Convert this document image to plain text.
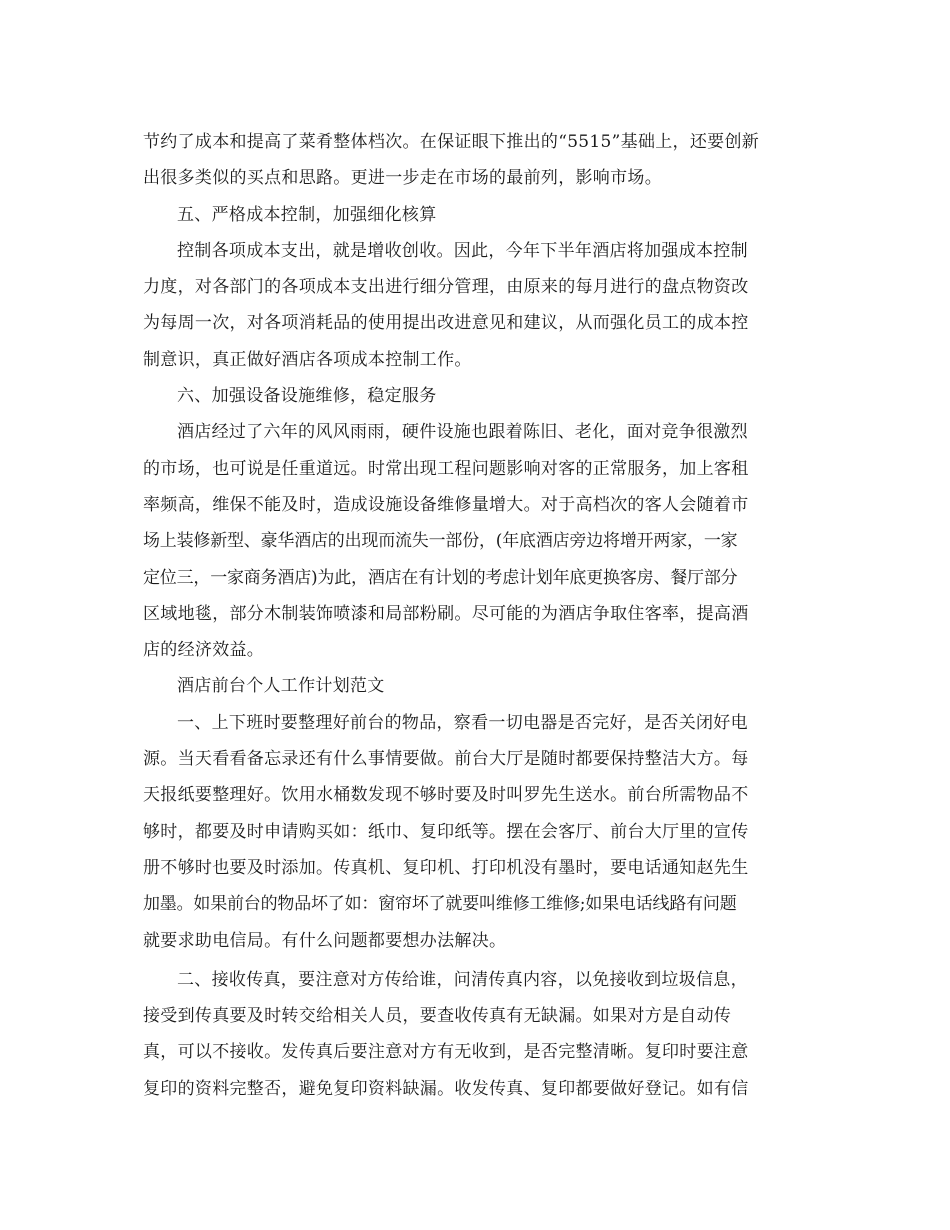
节约了成本和提高了菜肴整体档次。在保证眼下推出的“5515”基础上，还要创新
出很多类似的买点和思路。更进一步走在市场的最前列，影响市场。
五、严格成本控制，加强细化核算
控制各项成本支出，就是增收创收。因此，今年下半年酒店将加强成本控制
力度，对各部门的各项成本支出进行细分管理，由原来的每月进行的盘点物资改
为每周一次，对各项消耗品的使用提出改进意见和建议，从而强化员工的成本控
制意识，真正做好酒店各项成本控制工作。
六、加强设备设施维修，稳定服务
酒店经过了六年的风风雨雨，硬件设施也跟着陈旧、老化，面对竞争很激烈
的市场，也可说是任重道远。时常出现工程问题影响对客的正常服务，加上客租
率频高，维保不能及时，造成设施设备维修量增大。对于高档次的客人会随着市
场上装修新型、豪华酒店的出现而流失一部份，(年底酒店旁边将增开两家，一家
定位三，一家商务酒店)为此，酒店在有计划的考虑计划年底更换客房、餐厅部分
区域地毯，部分木制装饰喷漆和局部粉刷。尽可能的为酒店争取住客率，提高酒
店的经济效益。
酒店前台个人工作计划范文
一、上下班时要整理好前台的物品，察看一切电器是否完好，是否关闭好电
源。当天看看备忘录还有什么事情要做。前台大厅是随时都要保持整洁大方。每
天报纸要整理好。饮用水桶数发现不够时要及时叫罗先生送水。前台所需物品不
够时，都要及时申请购买如：纸巾、复印纸等。摆在会客厅、前台大厅里的宣传
册不够时也要及时添加。传真机、复印机、打印机没有墨时，要电话通知赵先生
加墨。如果前台的物品坏了如：窗帘坏了就要叫维修工维修;如果电话线路有问题
就要求助电信局。有什么问题都要想办法解决。
二、接收传真，要注意对方传给谁，问清传真内容，以免接收到垃圾信息，
接受到传真要及时转交给相关人员，要查收传真有无缺漏。如果对方是自动传
真，可以不接收。发传真后要注意对方有无收到，是否完整清晰。复印时要注意
复印的资料完整否，避免复印资料缺漏。收发传真、复印都要做好登记。如有信
